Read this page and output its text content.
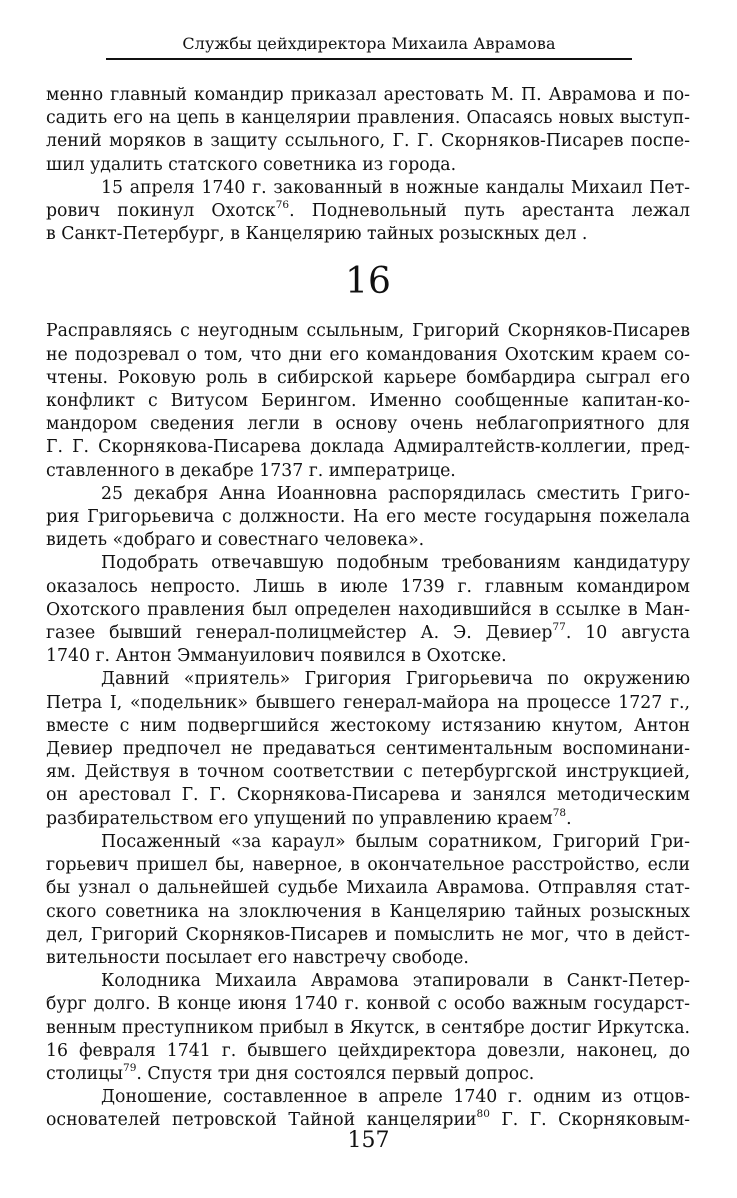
Службы цейхдиректора Михаила Аврамова
менно главный командир приказал арестовать М. П. Аврамова и по-
садить его на цепь в канцелярии правления. Опасаясь новых выступ-
лений моряков в защиту ссыльного, Г. Г. Скорняков-Писарев поспе-
шил удалить статского советника из города.
15 апреля 1740 г. закованный в ножные кандалы Михаил Пет-
рович покинул Охотск$^{76}$. Подневольный путь арестанта лежал
в Санкт-Петербург, в Канцелярию тайных розыскных дел .
16
Расправляясь с неугодным ссыльным, Григорий Скорняков-Писарев
не подозревал о том, что дни его командования Охотским краем со-
чтены. Роковую роль в сибирской карьере бомбардира сыграл его
конфликт с Витусом Берингом. Именно сообщенные капитан-ко-
мандором сведения легли в основу очень неблагоприятного для
Г. Г. Скорнякова-Писарева доклада Адмиралтейств-коллегии, пред-
ставленного в декабре 1737 г. императрице.
25 декабря Анна Иоанновна распорядилась сместить Григо-
рия Григорьевича с должности. На его месте государыня пожелала
видеть «добраго и совестнаго человека».
Подобрать отвечавшую подобным требованиям кандидатуру
оказалось непросто. Лишь в июле 1739 г. главным командиром
Охотского правления был определен находившийся в ссылке в Ман-
газее бывший генерал-полицмейстер А. Э. Девиер$^{77}$. 10 августа
1740 г. Антон Эммануилович появился в Охотске.
Давний «приятель» Григория Григорьевича по окружению
Петра I, «подельник» бывшего генерал-майора на процессе 1727 г.,
вместе с ним подвергшийся жестокому истязанию кнутом, Антон
Девиер предпочел не предаваться сентиментальным воспоминани-
ям. Действуя в точном соответствии с петербургской инструкцией,
он арестовал Г. Г. Скорнякова-Писарева и занялся методическим
разбирательством его упущений по управлению краем$^{78}$.
Посаженный «за караул» былым соратником, Григорий Гри-
горьевич пришел бы, наверное, в окончательное расстройство, если
бы узнал о дальнейшей судьбе Михаила Аврамова. Отправляя стат-
ского советника на злоключения в Канцелярию тайных розыскных
дел, Григорий Скорняков-Писарев и помыслить не мог, что в дейст-
вительности посылает его навстречу свободе.
Колодника Михаила Аврамова этапировали в Санкт-Петер-
бург долго. В конце июня 1740 г. конвой с особо важным государст-
венным преступником прибыл в Якутск, в сентябре достиг Иркутска.
16 февраля 1741 г. бывшего цейхдиректора довезли, наконец, до
столицы$^{79}$. Спустя три дня состоялся первый допрос.
Доношение, составленное в апреле 1740 г. одним из отцов-
основателей петровской Тайной канцелярии$^{80}$ Г. Г. Скорняковым-
157
